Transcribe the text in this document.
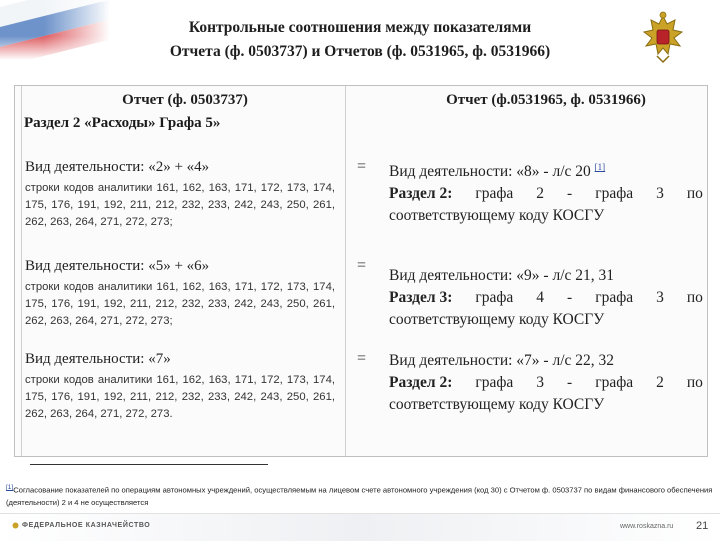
Контрольные соотношения между показателями
Отчета (ф. 0503737) и Отчетов (ф. 0531965, ф. 0531966)
Отчет (ф. 0503737)	Отчет (ф.0531965, ф. 0531966)
Раздел 2 «Расходы» Графа 5»
Вид деятельности: «2» + «4»
строки кодов аналитики 161, 162, 163, 171, 172, 173, 174, 175, 176, 191, 192, 211, 212, 232, 233, 242, 243, 250, 261, 262, 263, 264, 271, 272, 273;
= Вид деятельности: «8» - л/с 20 [1]
Раздел 2: графа 2 - графа 3 по
соответствующему коду КОСГУ
Вид деятельности: «5» + «6»
строки кодов аналитики 161, 162, 163, 171, 172, 173, 174, 175, 176, 191, 192, 211, 212, 232, 233, 242, 243, 250, 261, 262, 263, 264, 271, 272, 273;
=
Вид деятельности: «9» - л/с 21, 31
Раздел 3: графа 4 - графа 3 по
соответствующему коду КОСГУ
Вид деятельности: «7»
строки кодов аналитики 161, 162, 163, 171, 172, 173, 174, 175, 176, 191, 192, 211, 212, 232, 233, 242, 243, 250, 261, 262, 263, 264, 271, 272, 273.
= Вид деятельности: «7» - л/с 22, 32
Раздел 2: графа 3 - графа 2 по
соответствующему коду КОСГУ
[1]Согласование показателей по операциям автономных учреждений, осуществляемым на лицевом счете автономного учреждения (код 30) с Отчетом ф. 0503737 по видам финансового обеспечения (деятельности) 2 и 4 не осуществляется
ФЕДЕРАЛЬНОЕ КАЗНАЧЕЙСТВО	www.roskazna.ru 21
